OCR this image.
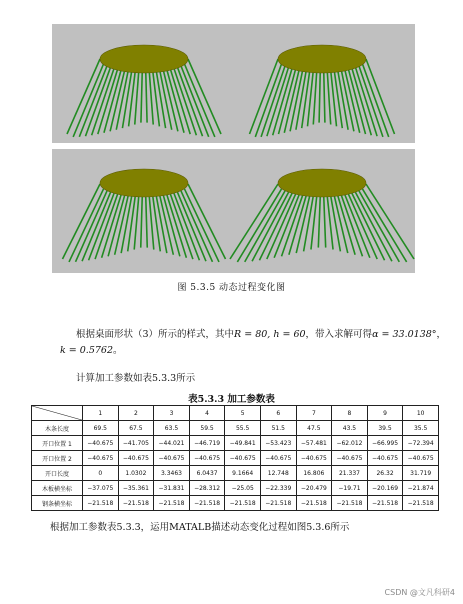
图 5.3.5 动态过程变化图
根据桌面形状（3）所示的样式，其中R = 80, h = 60，带入求解可得α = 33.0138°，
k = 0.5762。
计算加工参数如表5.3.3所示
表5.3.3 加工参数表
	1	2	3	4	5	6	7	8	9	10
木条长度	69.5	67.5	63.5	59.5	55.5	51.5	47.5	43.5	39.5	35.5
开口位置 1	−40.675	−41.705	−44.021	−46.719	−49.841	−53.423	−57.481	−62.012	−66.995	−72.394
开口位置 2	−40.675	−40.675	−40.675	−40.675	−40.675	−40.675	−40.675	−40.675	−40.675	−40.675
开口长度	0	1.0302	3.3463	6.0437	9.1664	12.748	16.806	21.337	26.32	31.719
木板横坐标	−37.075	−35.361	−31.831	−28.312	−25.05	−22.339	−20.479	−19.71	−20.169	−21.874
钢条横坐标	−21.518	−21.518	−21.518	−21.518	−21.518	−21.518	−21.518	−21.518	−21.518	−21.518
根据加工参数表5.3.3，运用MATALB描述动态变化过程如图5.3.6所示
CSDN @文凡科研4
